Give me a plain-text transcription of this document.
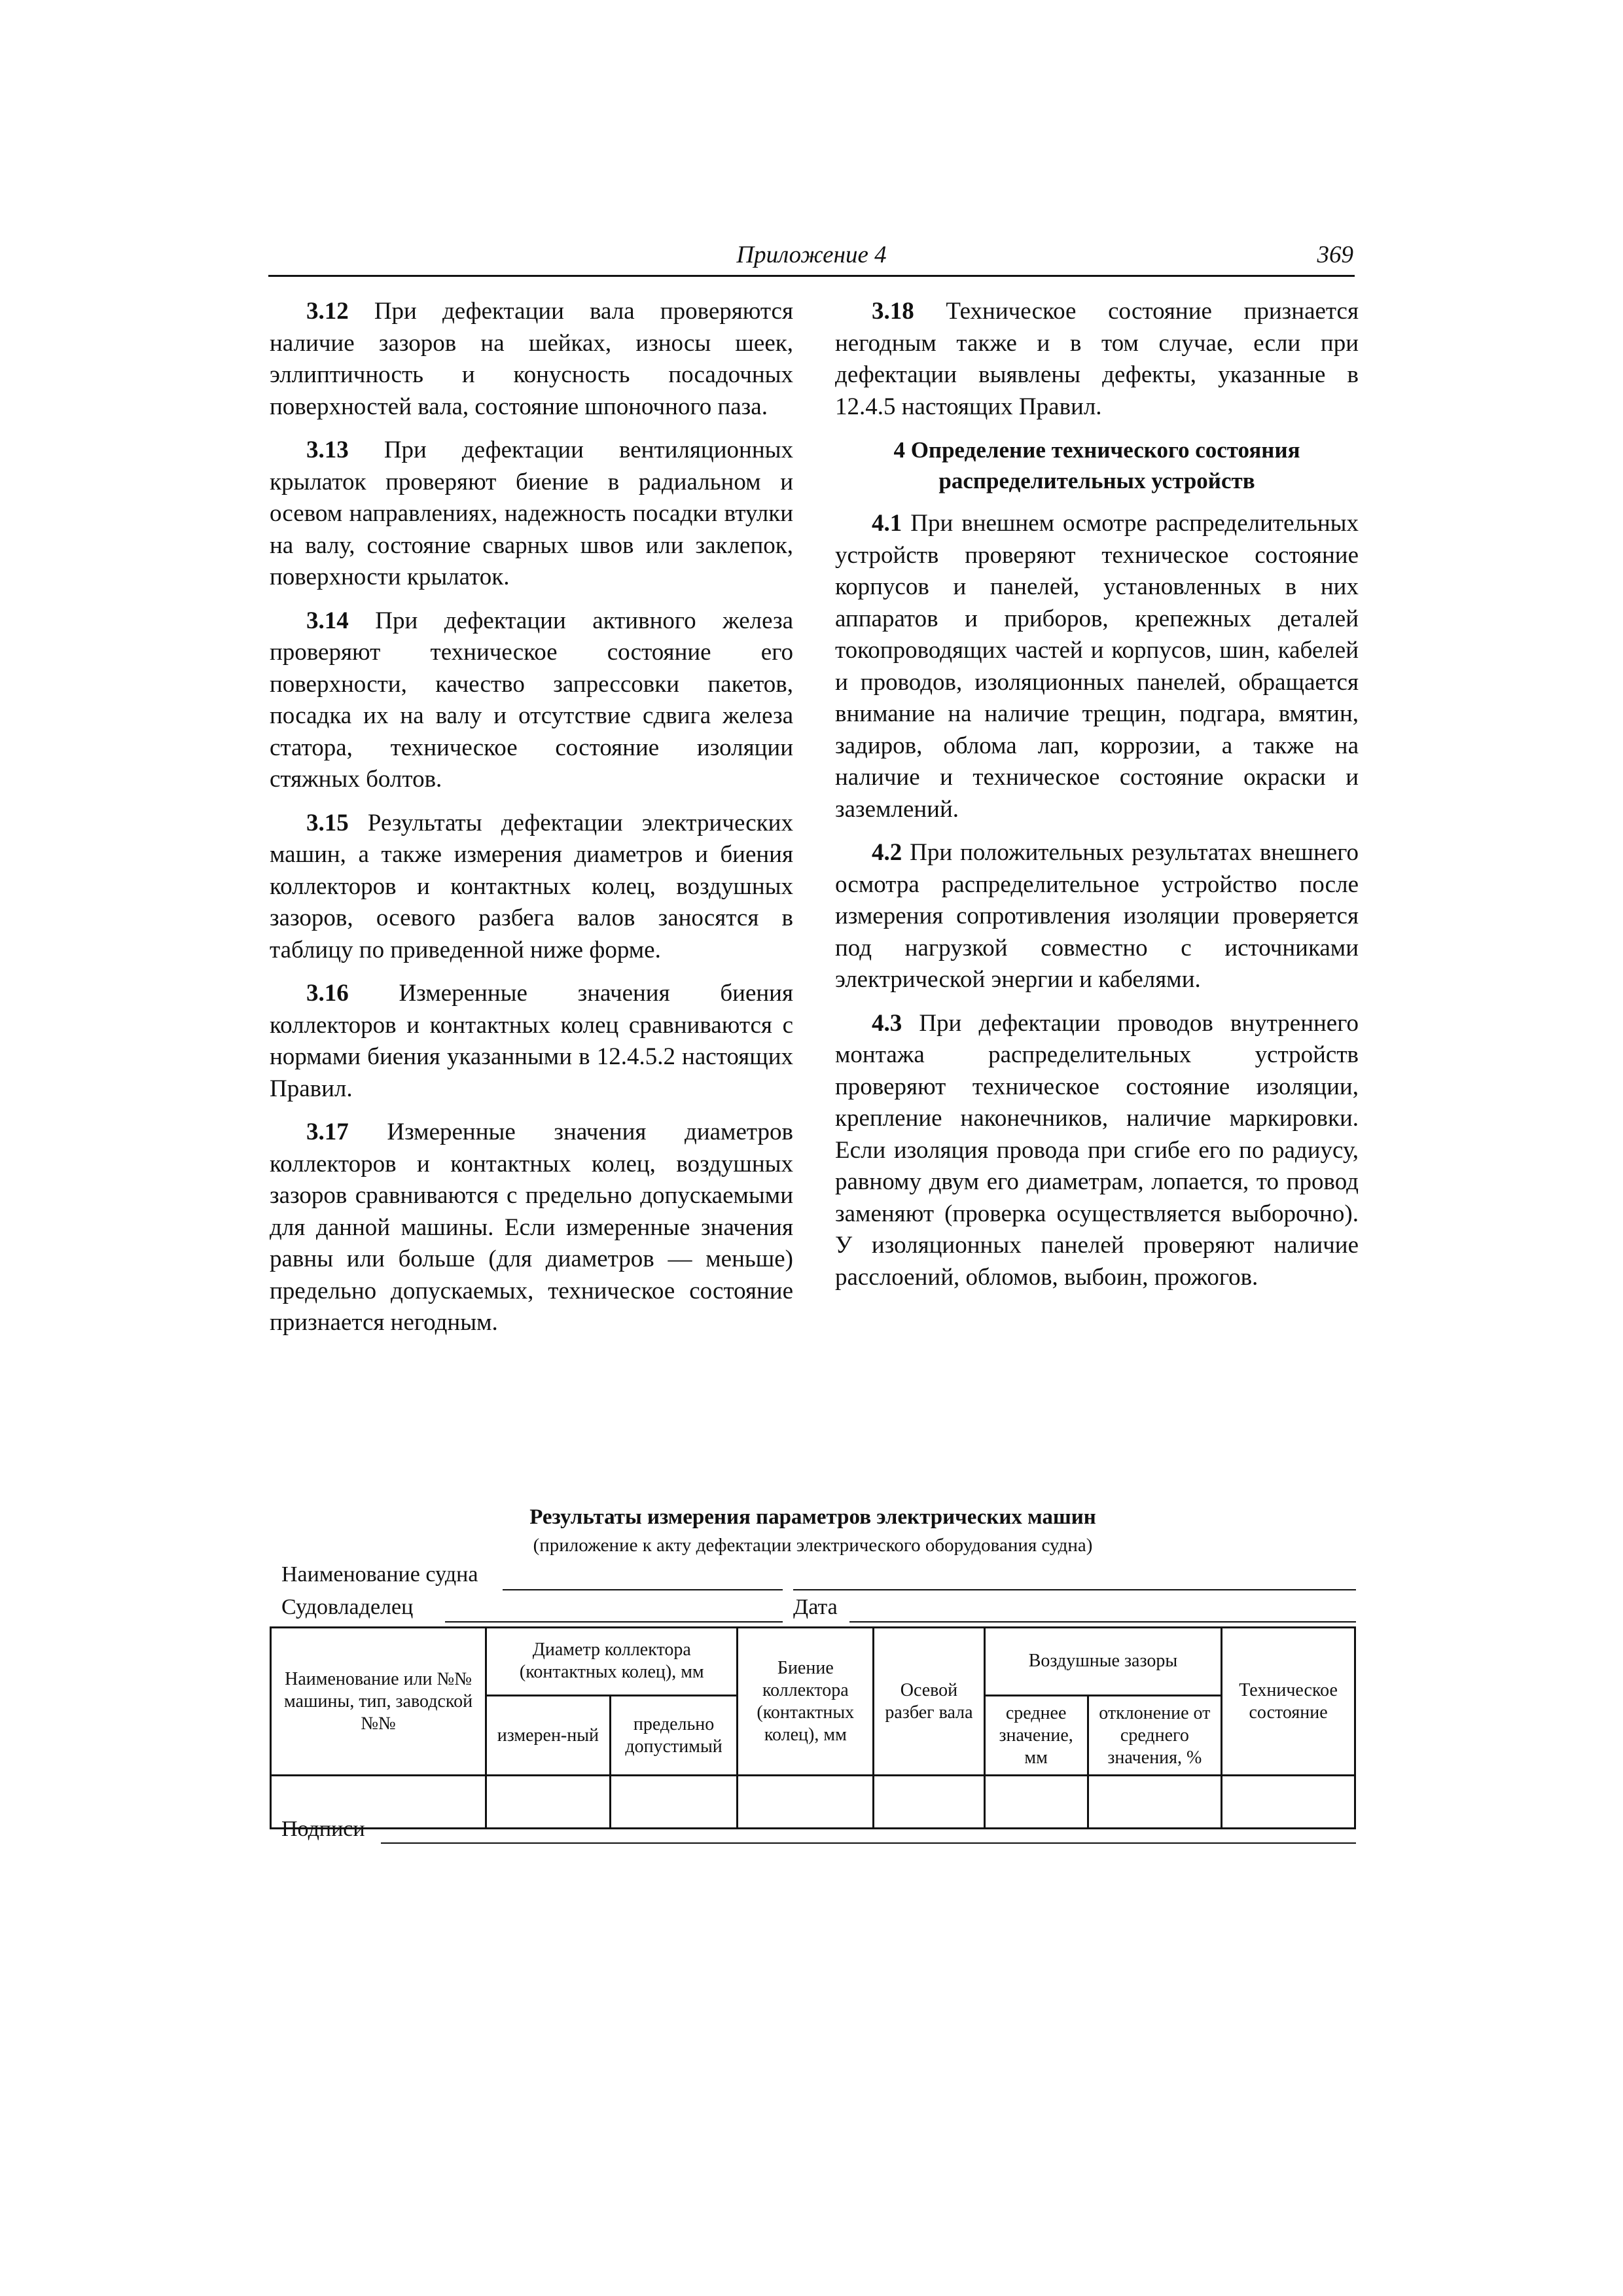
Приложение 4	369

3.12 При дефектации вала проверяются наличие зазоров на шейках, износы шеек, эллиптичность и конусность посадочных поверхностей вала, состояние шпоночного паза.

3.13 При дефектации вентиляционных крылаток проверяют биение в радиальном и осевом направлениях, надежность посадки втулки на валу, состояние сварных швов или заклепок, поверхности крылаток.

3.14 При дефектации активного железа проверяют техническое состояние его поверхности, качество запрессовки пакетов, посадка их на валу и отсутствие сдвига железа статора, техническое состояние изоляции стяжных болтов.

3.15 Результаты дефектации электрических машин, а также измерения диаметров и биения коллекторов и контактных колец, воздушных зазоров, осевого разбега валов заносятся в таблицу по приведенной ниже форме.

3.16 Измеренные значения биения коллекторов и контактных колец сравниваются с нормами биения указанными в 12.4.5.2 настоящих Правил.

3.17 Измеренные значения диаметров коллекторов и контактных колец, воздушных зазоров сравниваются с предельно допускаемыми для данной машины. Если измеренные значения равны или больше (для диаметров — меньше) предельно допускаемых, техническое состояние признается негодным.

3.18 Техническое состояние признается негодным также и в том случае, если при дефектации выявлены дефекты, указанные в 12.4.5 настоящих Правил.

4 Определение технического состояния
распределительных устройств

4.1 При внешнем осмотре распределительных устройств проверяют техническое состояние корпусов и панелей, установленных в них аппаратов и приборов, крепежных деталей токопроводящих частей и корпусов, шин, кабелей и проводов, изоляционных панелей, обращается внимание на наличие трещин, подгара, вмятин, задиров, облома лап, коррозии, а также на наличие и техническое состояние окраски и заземлений.

4.2 При положительных результатах внешнего осмотра распределительное устройство после измерения сопротивления изоляции проверяется под нагрузкой совместно с источниками электрической энергии и кабелями.

4.3 При дефектации проводов внутреннего монтажа распределительных устройств проверяют техническое состояние изоляции, крепление наконечников, наличие маркировки. Если изоляция провода при сгибе его по радиусу, равному двум его диаметрам, лопается, то провод заменяют (проверка осуществляется выборочно). У изоляционных панелей проверяют наличие расслоений, обломов, выбоин, прожогов.

Результаты измерения параметров электрических машин
(приложение к акту дефектации электрического оборудования судна)
Наименование судна
Судовладелец	Дата
Наименование или №№ машины, тип, заводской №№	Диаметр коллектора (контактных колец), мм		Биение коллектора (контактных колец), мм	Осевой разбег вала	Воздушные зазоры		Техническое состояние
	измерен-ный	предельно допустимый			среднее значение, мм	отклонение от среднего значения, %	

Подписи
